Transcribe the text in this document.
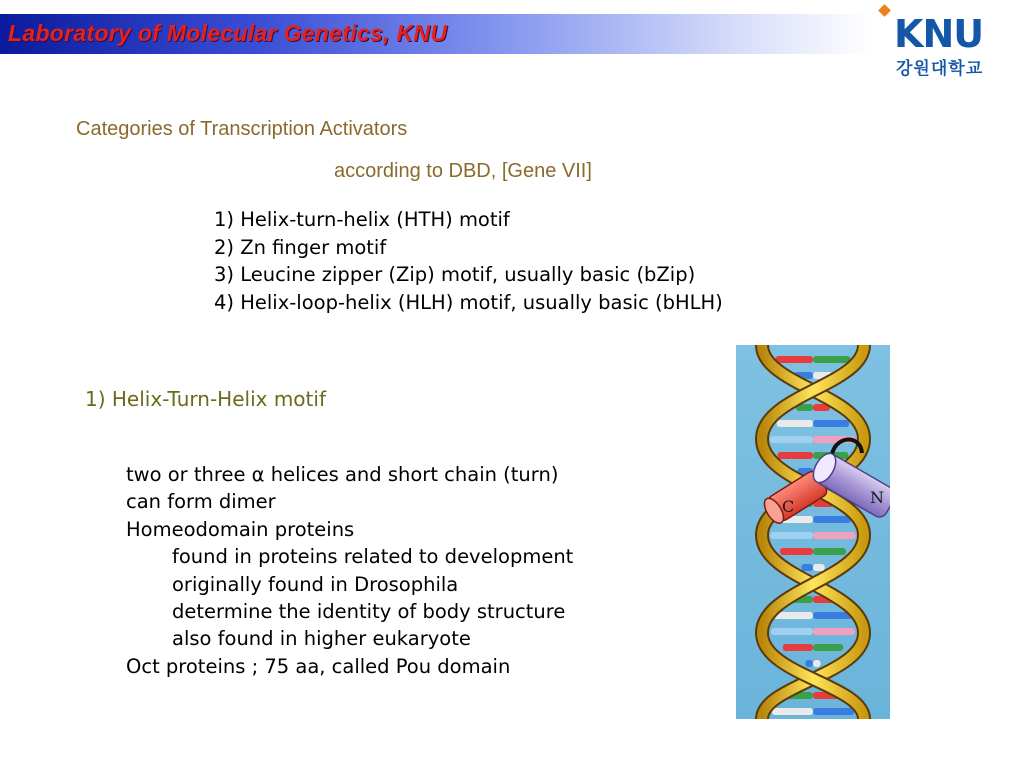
Laboratory of Molecular Genetics, KNU	KNU
강원대학교
Categories of Transcription Activators
according to DBD, [Gene VII]
1) Helix-turn-helix (HTH) motif
2) Zn finger motif
3) Leucine zipper (Zip) motif, usually basic (bZip)
4) Helix-loop-helix (HLH) motif, usually basic (bHLH)
1) Helix-Turn-Helix motif
two or three α helices and short chain (turn)
can form dimer
Homeodomain proteins
found in proteins related to development
originally found in Drosophila
determine the identity of body structure
also found in higher eukaryote
Oct proteins ; 75 aa, called Pou domain
C	N
